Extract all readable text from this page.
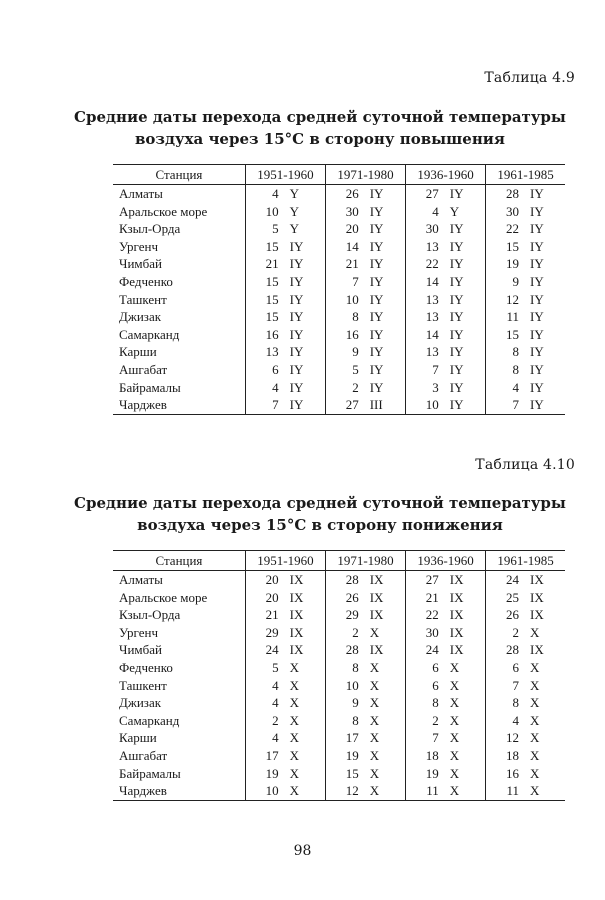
Таблица 4.9
Средние даты перехода средней суточной температуры
воздуха через 15°С в сторону повышения
Станция	1951-1960		1971-1980		1936-1960		1961-1985	
Алматы	4	Y	26	IY	27	IY	28	IY
Аральское море	10	Y	30	IY	4	Y	30	IY
Кзыл-Орда	5	Y	20	IY	30	IY	22	IY
Ургенч	15	IY	14	IY	13	IY	15	IY
Чимбай	21	IY	21	IY	22	IY	19	IY
Федченко	15	IY	7	IY	14	IY	9	IY
Ташкент	15	IY	10	IY	13	IY	12	IY
Джизак	15	IY	8	IY	13	IY	11	IY
Самарканд	16	IY	16	IY	14	IY	15	IY
Карши	13	IY	9	IY	13	IY	8	IY
Ашгабат	6	IY	5	IY	7	IY	8	IY
Байрамалы	4	IY	2	IY	3	IY	4	IY
Чарджев	7	IY	27	III	10	IY	7	IY
Таблица 4.10
Средние даты перехода средней суточной температуры
воздуха через 15°С в сторону понижения
Станция	1951-1960		1971-1980		1936-1960		1961-1985	
Алматы	20	IX	28	IX	27	IX	24	IX
Аральское море	20	IX	26	IX	21	IX	25	IX
Кзыл-Орда	21	IX	29	IX	22	IX	26	IX
Ургенч	29	IX	2	X	30	IX	2	X
Чимбай	24	IX	28	IX	24	IX	28	IX
Федченко	5	X	8	X	6	X	6	X
Ташкент	4	X	10	X	6	X	7	X
Джизак	4	X	9	X	8	X	8	X
Самарканд	2	X	8	X	2	X	4	X
Карши	4	X	17	X	7	X	12	X
Ашгабат	17	X	19	X	18	X	18	X
Байрамалы	19	X	15	X	19	X	16	X
Чарджев	10	X	12	X	11	X	11	X
98
